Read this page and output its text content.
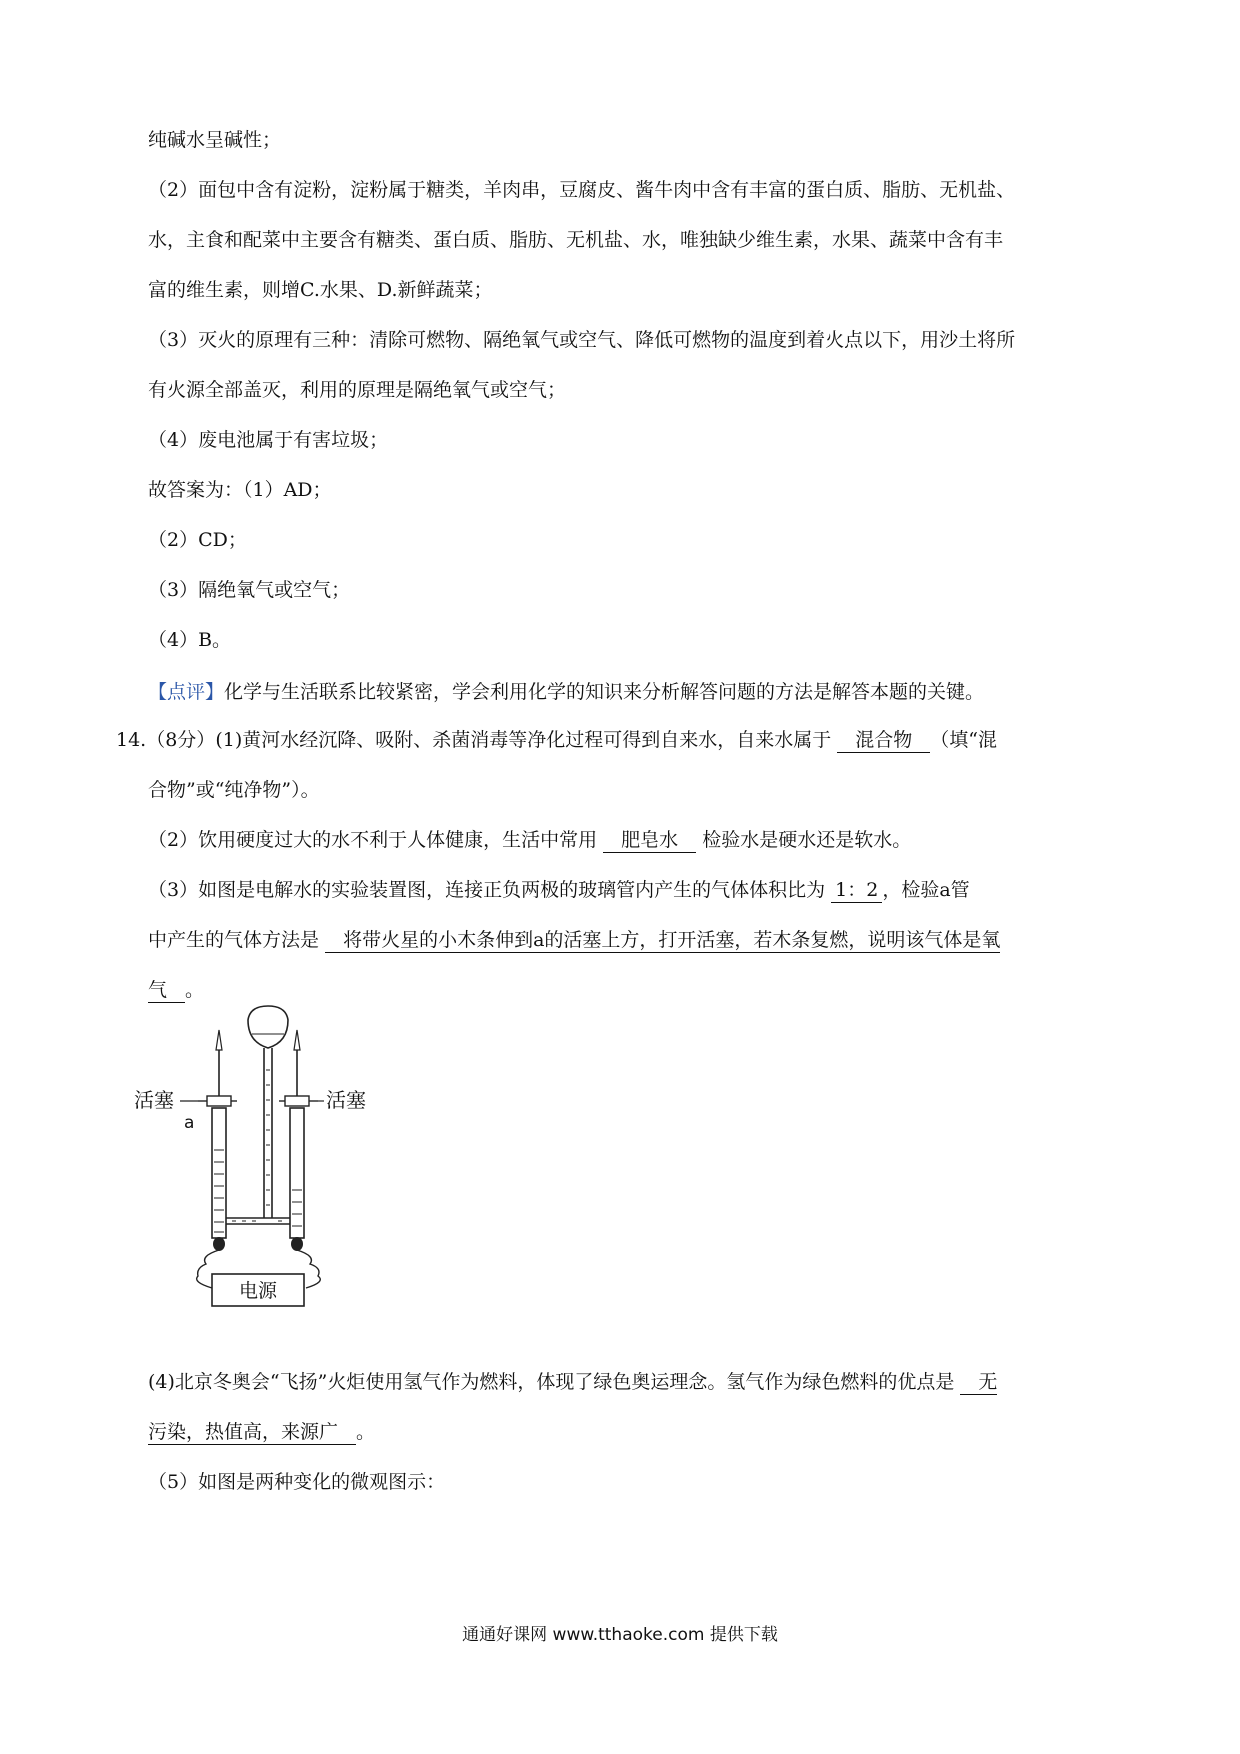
纯碱水呈碱性；
（2）面包中含有淀粉，淀粉属于糖类，羊肉串，豆腐皮、酱牛肉中含有丰富的蛋白质、脂肪、无机盐、
水，主食和配菜中主要含有糖类、蛋白质、脂肪、无机盐、水，唯独缺少维生素，水果、蔬菜中含有丰
富的维生素，则增C.水果、D.新鲜蔬菜；
（3）灭火的原理有三种：清除可燃物、隔绝氧气或空气、降低可燃物的温度到着火点以下，用沙土将所
有火源全部盖灭，利用的原理是隔绝氧气或空气；
（4）废电池属于有害垃圾；
故答案为：（1）AD；
（2）CD；
（3）隔绝氧气或空气；
（4）B。
【点评】化学与生活联系比较紧密，学会利用化学的知识来分析解答问题的方法是解答本题的关键。
14.（8分）(1)黄河水经沉降、吸附、杀菌消毒等净化过程可得到自来水，自来水属于 混合物 （填“混
合物”或“纯净物”）。
（2）饮用硬度过大的水不利于人体健康，生活中常用 肥皂水 检验水是硬水还是软水。
（3）如图是电解水的实验装置图，连接正负两极的玻璃管内产生的气体体积比为 1：2 ，检验a管
中产生的气体方法是 将带火星的小木条伸到a的活塞上方，打开活塞，若木条复燃，说明该气体是氧
气 。
电源
活塞	活塞
a
(4)北京冬奥会“飞扬”火炬使用氢气作为燃料，体现了绿色奥运理念。氢气作为绿色燃料的优点是 无
污染，热值高，来源广 。
（5）如图是两种变化的微观图示：
通通好课网 www.tthaoke.com 提供下载
